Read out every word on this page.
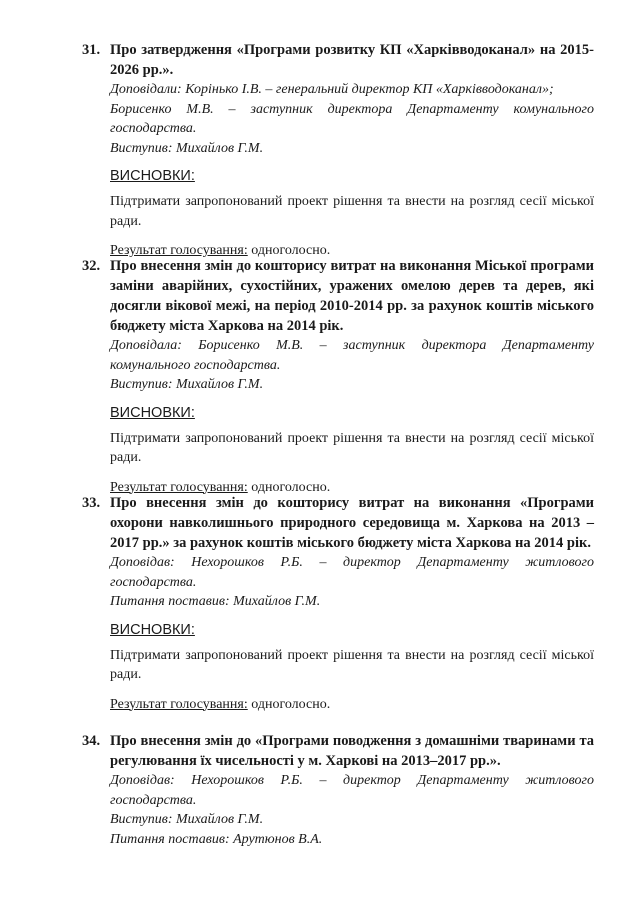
31. Про затвердження «Програми розвитку КП «Харківводоканал» на 2015-2026 рр.».
Доповідали: Корінько І.В. – генеральний директор КП «Харківводоканал»;
Борисенко М.В. – заступник директора Департаменту комунального господарства.
Виступив: Михайлов Г.М.
ВИСНОВКИ:
Підтримати запропонований проект рішення та внести на розгляд сесії міської ради.
Результат голосування: одноголосно.
32. Про внесення змін до кошторису витрат на виконання Міської програми заміни аварійних, сухостійних, уражених омелою дерев та дерев, які досягли вікової межі, на період 2010-2014 рр. за рахунок коштів міського бюджету міста Харкова на 2014 рік.
Доповідала: Борисенко М.В. – заступник директора Департаменту комунального господарства.
Виступив: Михайлов Г.М.
ВИСНОВКИ:
Підтримати запропонований проект рішення та внести на розгляд сесії міської ради.
Результат голосування: одноголосно.
33. Про внесення змін до кошторису витрат на виконання «Програми охорони навколишнього природного середовища м. Харкова на 2013 –2017 рр.» за рахунок коштів міського бюджету міста Харкова на 2014 рік.
Доповідав: Нехорошков Р.Б. – директор Департаменту житлового господарства.
Питання поставив: Михайлов Г.М.
ВИСНОВКИ:
Підтримати запропонований проект рішення та внести на розгляд сесії міської ради.
Результат голосування: одноголосно.
34. Про внесення змін до «Програми поводження з домашніми тваринами та регулювання їх чисельності у м. Харкові на 2013–2017 рр.».
Доповідав: Нехорошков Р.Б. – директор Департаменту житлового господарства.
Виступив: Михайлов Г.М.
Питання поставив: Арутюнов В.А.
